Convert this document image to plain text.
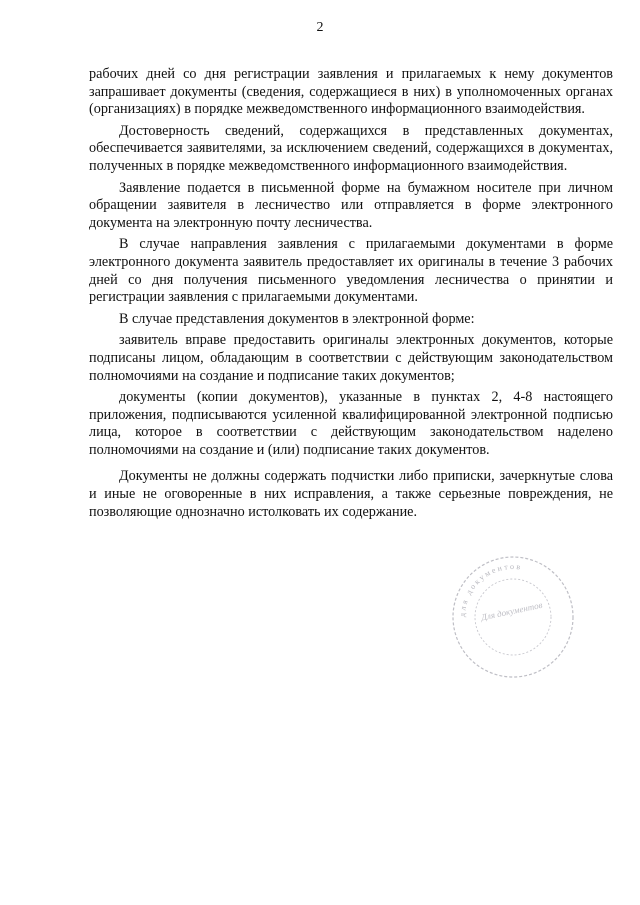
2

рабочих дней со дня регистрации заявления и прилагаемых к нему документов запрашивает документы (сведения, содержащиеся в них) в уполномоченных органах (организациях) в порядке межведомственного информационного взаимодействия.

Достоверность сведений, содержащихся в представленных документах, обеспечивается заявителями, за исключением сведений, содержащихся в документах, полученных в порядке межведомственного информационного взаимодействия.

Заявление подается в письменной форме на бумажном носителе при личном обращении заявителя в лесничество или отправляется в форме электронного документа на электронную почту лесничества.

В случае направления заявления с прилагаемыми документами в форме электронного документа заявитель предоставляет их оригиналы в течение 3 рабочих дней со дня получения письменного уведомления лесничества о принятии и регистрации заявления с прилагаемыми документами.

В случае представления документов в электронной форме:

заявитель вправе предоставить оригиналы электронных документов, которые подписаны лицом, обладающим в соответствии с действующим законодательством полномочиями на создание и подписание таких документов;

документы (копии документов), указанные в пунктах 2, 4-8 настоящего приложения, подписываются усиленной квалифицированной электронной подписью лица, которое в соответствии с действующим законодательством наделено полномочиями на создание и (или) подписание таких документов.

Документы не должны содержать подчистки либо приписки, зачеркнутые слова и иные не оговоренные в них исправления, а также серьезные повреждения, не позволяющие однозначно истолковать их содержание.

для документов
Для документов
